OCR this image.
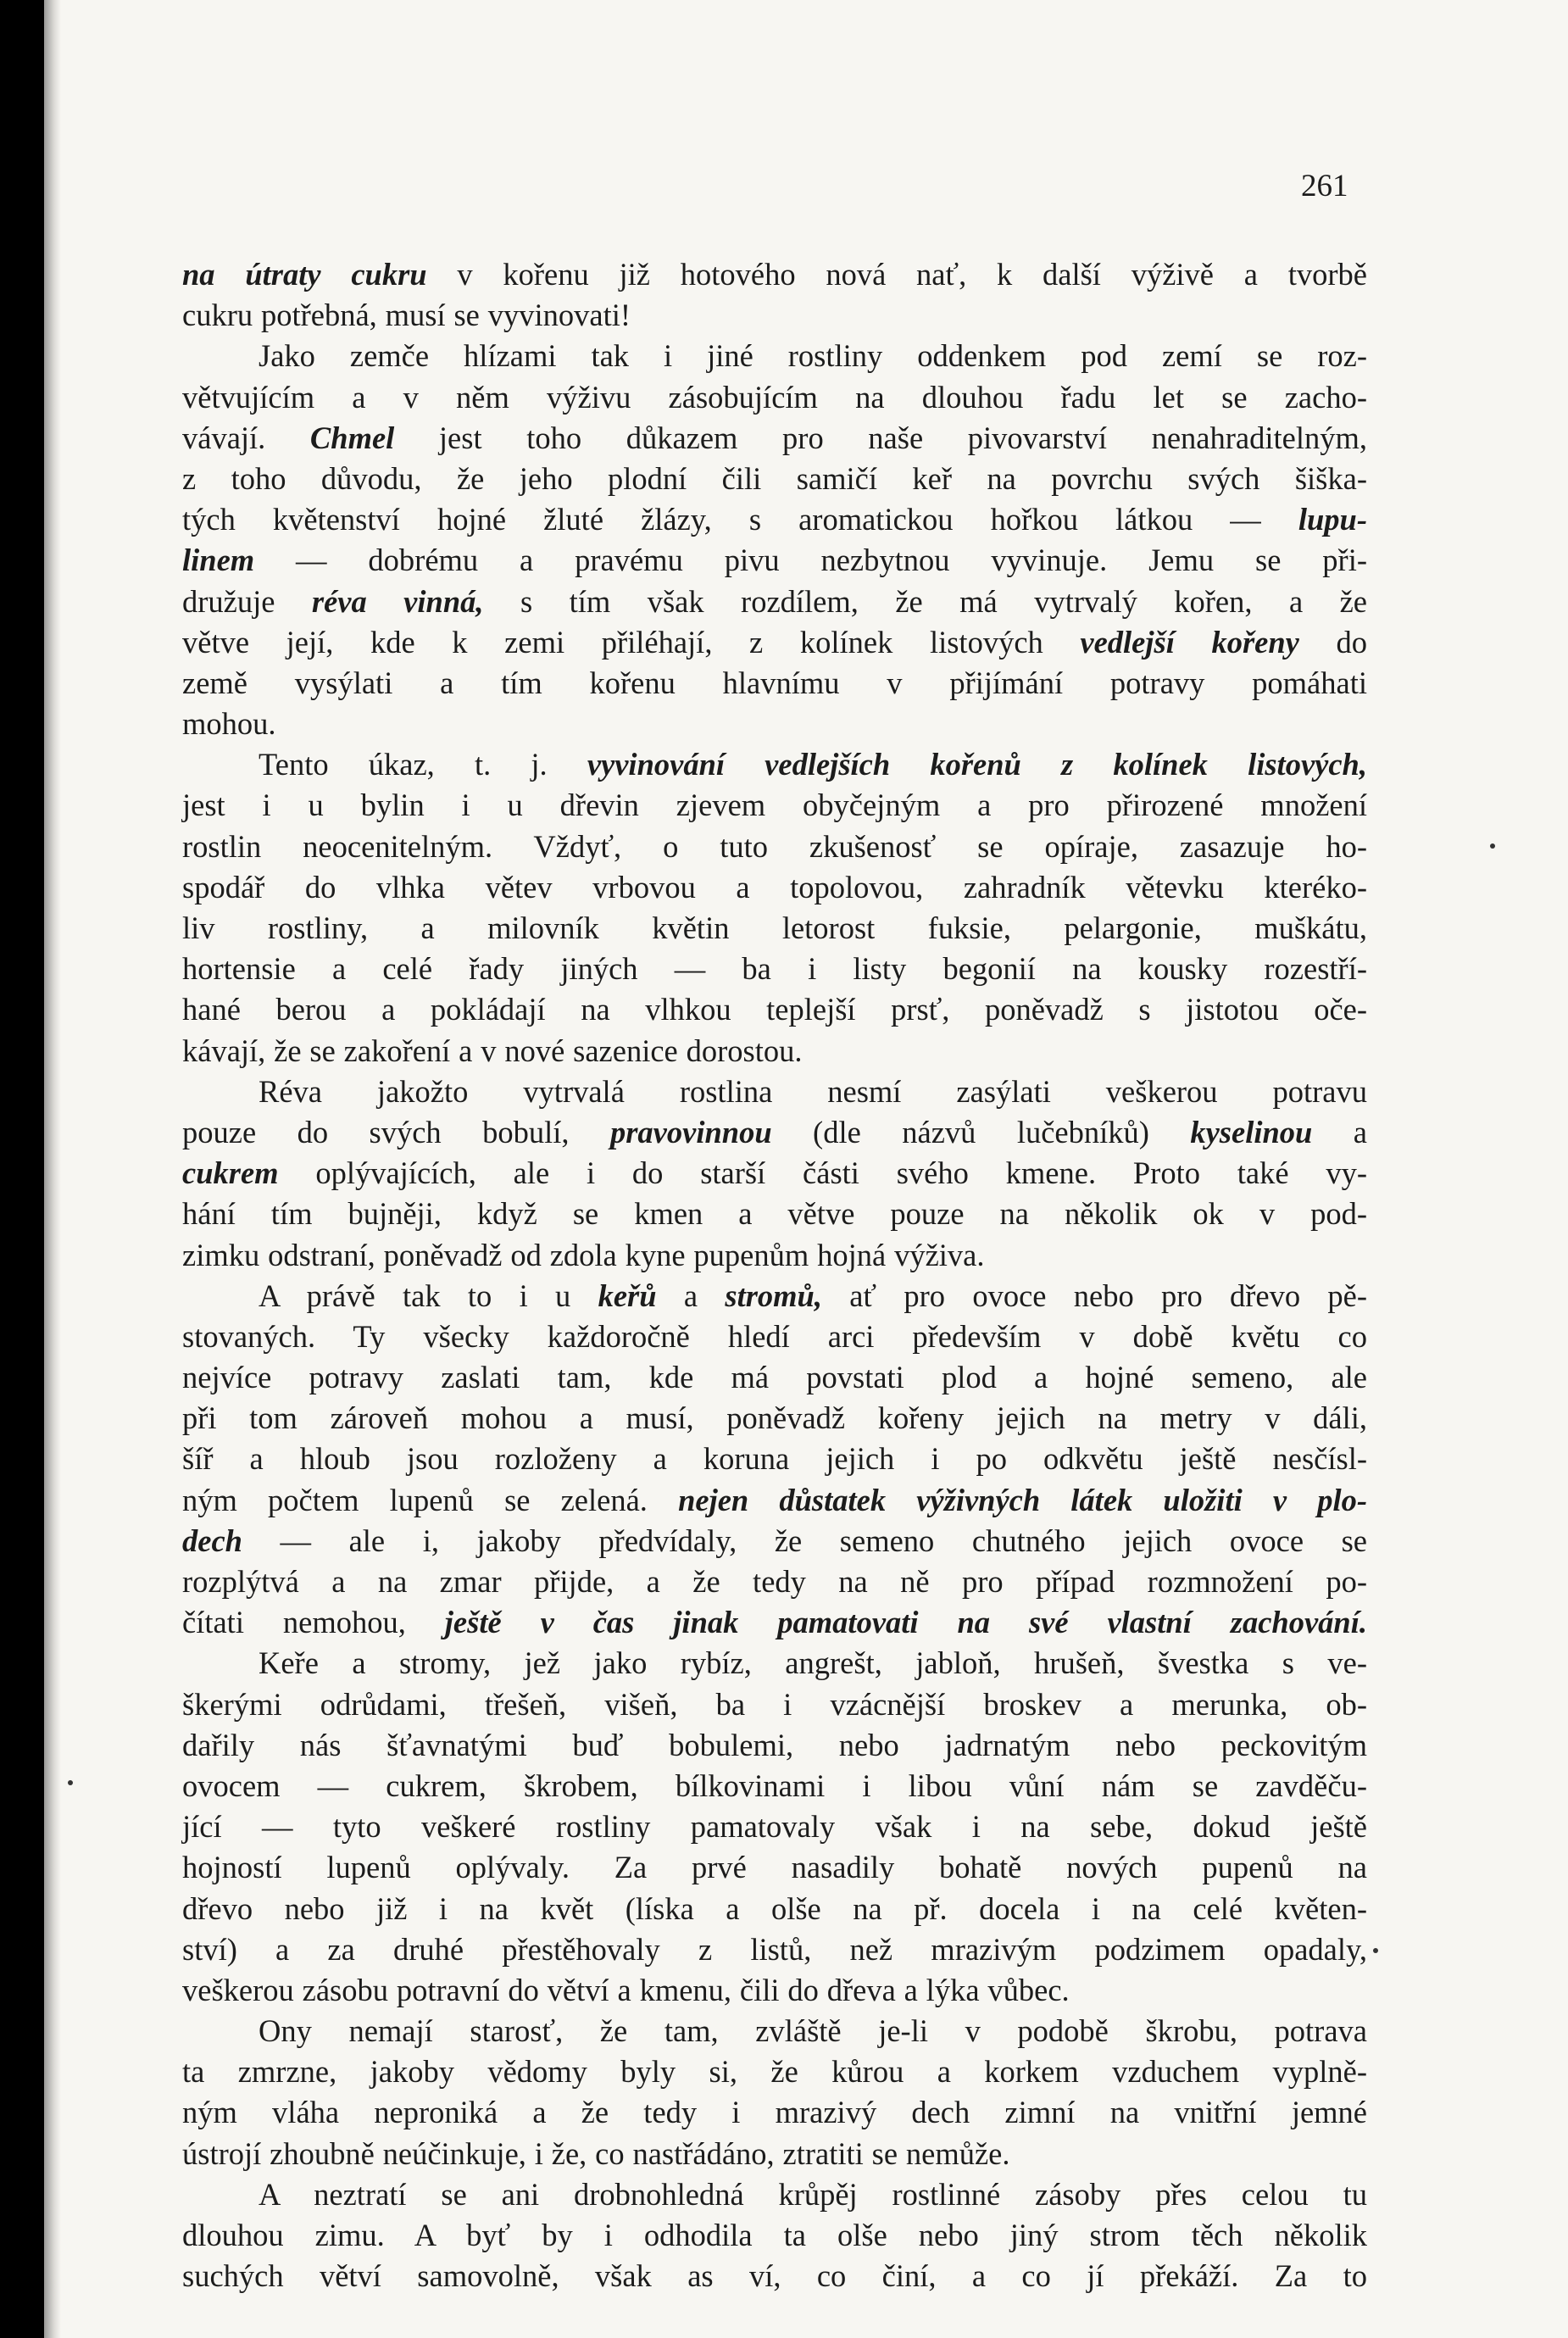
261
na útraty cukru v kořenu již hotového nová nať, k další výživě a tvorbě
cukru potřebná, musí se vyvinovati!
Jako zemče hlízami tak i jiné rostliny oddenkem pod zemí se roz-
větvujícím a v něm výživu zásobujícím na dlouhou řadu let se zacho-
vávají. Chmel jest toho důkazem pro naše pivovarství nenahraditelným,
z toho důvodu, že jeho plodní čili samičí keř na povrchu svých šiška-
tých květenství hojné žluté žlázy, s aromatickou hořkou látkou — lupu-
linem — dobrému a pravému pivu nezbytnou vyvinuje. Jemu se při-
družuje réva vinná, s tím však rozdílem, že má vytrvalý kořen, a že
větve její, kde k zemi přiléhají, z kolínek listových vedlejší kořeny do
země vysýlati a tím kořenu hlavnímu v přijímání potravy pomáhati
mohou.
Tento úkaz, t. j. vyvinování vedlejších kořenů z kolínek listových,
jest i u bylin i u dřevin zjevem obyčejným a pro přirozené množení
rostlin neocenitelným. Vždyť, o tuto zkušenosť se opíraje, zasazuje ho-
spodář do vlhka větev vrbovou a topolovou, zahradník větevku kteréko-
liv rostliny, a milovník květin letorost fuksie, pelargonie, muškátu,
hortensie a celé řady jiných — ba i listy begonií na kousky rozestří-
hané berou a pokládají na vlhkou teplejší prsť, poněvadž s jistotou oče-
kávají, že se zakoření a v nové sazenice dorostou.
Réva jakožto vytrvalá rostlina nesmí zasýlati veškerou potravu
pouze do svých bobulí, pravovinnou (dle názvů lučebníků) kyselinou a
cukrem oplývajících, ale i do starší části svého kmene. Proto také vy-
hání tím bujněji, když se kmen a větve pouze na několik ok v pod-
zimku odstraní, poněvadž od zdola kyne pupenům hojná výživa.
A právě tak to i u keřů a stromů, ať pro ovoce nebo pro dřevo pě-
stovaných. Ty všecky každoročně hledí arci především v době květu co
nejvíce potravy zaslati tam, kde má povstati plod a hojné semeno, ale
při tom zároveň mohou a musí, poněvadž kořeny jejich na metry v dáli,
šíř a hloub jsou rozloženy a koruna jejich i po odkvětu ještě nesčísl-
ným počtem lupenů se zelená. nejen důstatek výživných látek uložiti v plo-
dech — ale i, jakoby předvídaly, že semeno chutného jejich ovoce se
rozplýtvá a na zmar přijde, a že tedy na ně pro případ rozmnožení po-
čítati nemohou, ještě v čas jinak pamatovati na své vlastní zachování.
Keře a stromy, jež jako rybíz, angrešt, jabloň, hrušeň, švestka s ve-
škerými odrůdami, třešeň, višeň, ba i vzácnější broskev a merunka, ob-
dařily nás šťavnatými buď bobulemi, nebo jadrnatým nebo peckovitým
ovocem — cukrem, škrobem, bílkovinami i libou vůní nám se zavděču-
jící — tyto veškeré rostliny pamatovaly však i na sebe, dokud ještě
hojností lupenů oplývaly. Za prvé nasadily bohatě nových pupenů na
dřevo nebo již i na květ (líska a olše na př. docela i na celé květen-
ství) a za druhé přestěhovaly z listů, než mrazivým podzimem opadaly,
veškerou zásobu potravní do větví a kmenu, čili do dřeva a lýka vůbec.
Ony nemají starosť, že tam, zvláště je-li v podobě škrobu, potrava
ta zmrzne, jakoby vědomy byly si, že kůrou a korkem vzduchem vyplně-
ným vláha neproniká a že tedy i mrazivý dech zimní na vnitřní jemné
ústrojí zhoubně neúčinkuje, i že, co nastřádáno, ztratiti se nemůže.
A neztratí se ani drobnohledná krůpěj rostlinné zásoby přes celou tu
dlouhou zimu. A byť by i odhodila ta olše nebo jiný strom těch několik
suchých větví samovolně, však as ví, co činí, a co jí překáží. Za to
